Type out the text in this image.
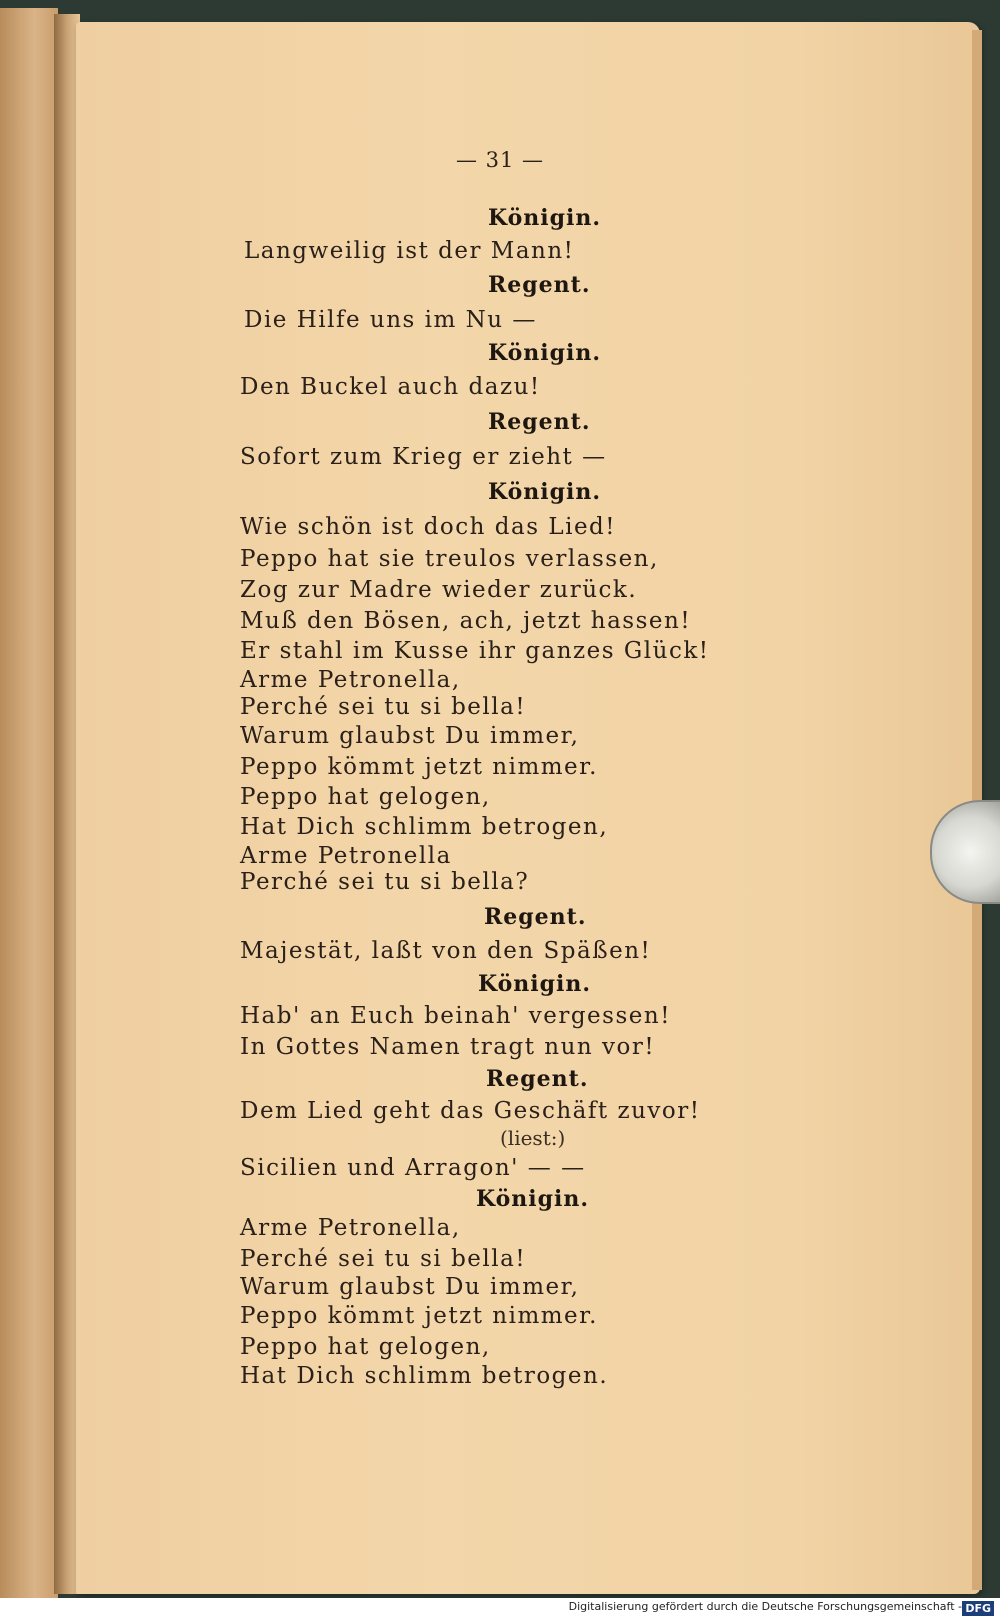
— 31 —
Königin.
Langweilig ist der Mann!
Regent.
Die Hilfe uns im Nu —
Königin.
Den Buckel auch dazu!
Regent.
Sofort zum Krieg er zieht —
Königin.
Wie schön ist doch das Lied!
Peppo hat sie treulos verlassen,
Zog zur Madre wieder zurück.
Muß den Bösen, ach, jetzt hassen!
Er stahl im Kusse ihr ganzes Glück!
Arme Petronella,
Perché sei tu si bella!
Warum glaubst Du immer,
Peppo kömmt jetzt nimmer.
Peppo hat gelogen,
Hat Dich schlimm betrogen,
Arme Petronella
Perché sei tu si bella?
Regent.
Majestät, laßt von den Späßen!
Königin.
Hab' an Euch beinah' vergessen!
In Gottes Namen tragt nun vor!
Regent.
Dem Lied geht das Geschäft zuvor!
(liest:)
Sicilien und Arragon' — —
Königin.
Arme Petronella,
Perché sei tu si bella!
Warum glaubst Du immer,
Peppo kömmt jetzt nimmer.
Peppo hat gelogen,
Hat Dich schlimm betrogen.
Digitalisierung gefördert durch die Deutsche Forschungsgemeinschaft - DFG
